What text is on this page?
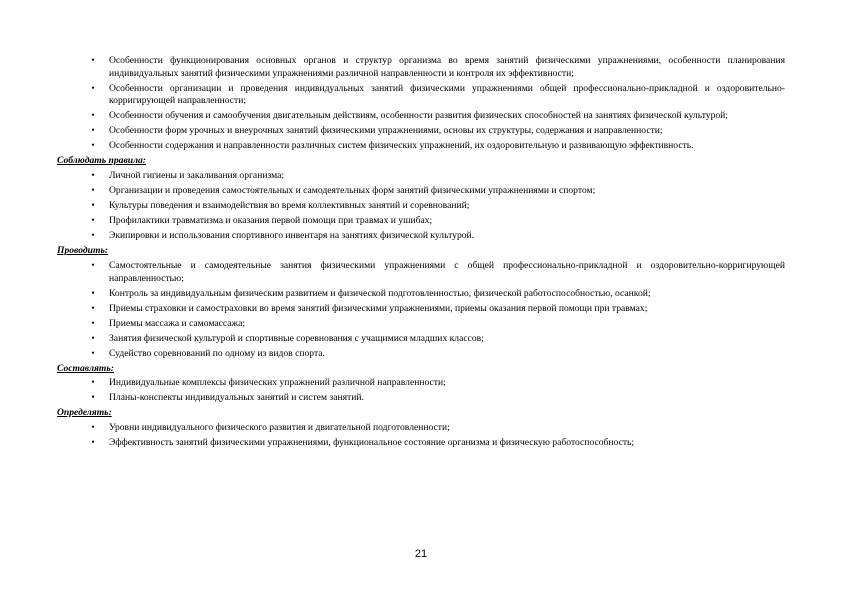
• Особенности функционирования основных органов и структур организма во время занятий физическими упражнениями, особенности планирования индивидуальных занятий физическими упражнениями различной направленности и контроля их эффективности;
• Особенности организации и проведения индивидуальных занятий физическими упражнениями общей профессионально-прикладной и оздоровительно-корригирующей направленности;
• Особенности обучения и самообучения двигательным действиям, особенности развития физических способностей на занятиях физической культурой;
• Особенности форм урочных и внеурочных занятий физическими упражнениями, основы их структуры, содержания и направленности;
• Особенности содержания и направленности различных систем физических упражнений, их оздоровительную и развивающую эффективность.
Соблюдать правила:
• Личной гигиены и закаливания организма;
• Организации и проведения самостоятельных и самодеятельных форм занятий физическими упражнениями и спортом;
• Культуры поведения и взаимодействия во время коллективных занятий и соревнований;
• Профилактики травматизма и оказания первой помощи при травмах и ушибах;
• Экипировки и использования спортивного инвентаря на занятиях физической культурой.
Проводить:
• Самостоятельные и самодеятельные занятия физическими упражнениями с общей профессионально-прикладной и оздоровительно-корригирующей направленностью;
• Контроль за индивидуальным физическим развитием и физической подготовленностью, физической работоспособностью, осанкой;
• Приемы страховки и самостраховки во время занятий физическими упражнениями, приемы оказания первой помощи при травмах;
• Приемы массажа и самомассажа;
• Занятия физической культурой и спортивные соревнования с учащимися младших классов;
• Судейство соревнований по одному из видов спорта.
Составлять:
• Индивидуальные комплексы физических упражнений различной направленности;
• Планы-конспекты индивидуальных занятий и систем занятий.
Определять:
• Уровни индивидуального физического развития и двигательной подготовленности;
• Эффективность занятий физическими упражнениями, функциональное состояние организма и физическую работоспособность;
21
